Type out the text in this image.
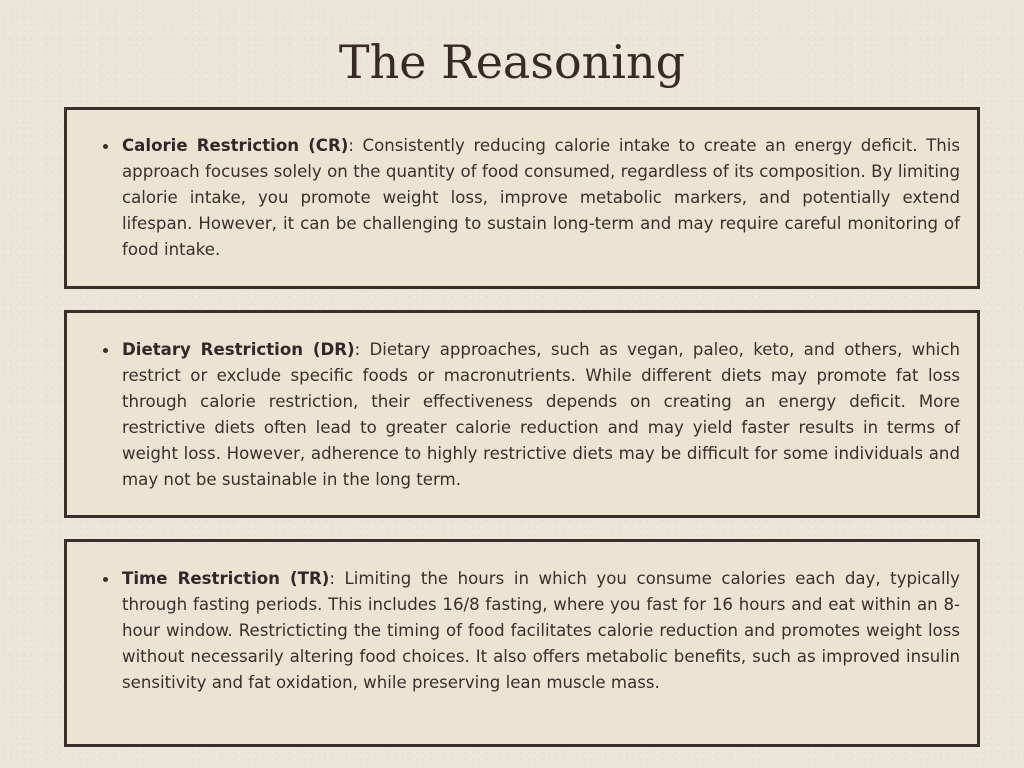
The Reasoning
Calorie Restriction (CR): Consistently reducing calorie intake to create an energy deficit. This approach focuses solely on the quantity of food consumed, regardless of its composition. By limiting calorie intake, you promote weight loss, improve metabolic markers, and potentially extend lifespan. However, it can be challenging to sustain long-term and may require careful monitoring of food intake.
Dietary Restriction (DR): Dietary approaches, such as vegan, paleo, keto, and others, which restrict or exclude specific foods or macronutrients. While different diets may promote fat loss through calorie restriction, their effectiveness depends on creating an energy deficit. More restrictive diets often lead to greater calorie reduction and may yield faster results in terms of weight loss. However, adherence to highly restrictive diets may be difficult for some individuals and may not be sustainable in the long term.
Time Restriction (TR): Limiting the hours in which you consume calories each day, typically through fasting periods. This includes 16/8 fasting, where you fast for 16 hours and eat within an 8-hour window. Restricticting the timing of food facilitates calorie reduction and promotes weight loss without necessarily altering food choices. It also offers metabolic benefits, such as improved insulin sensitivity and fat oxidation, while preserving lean muscle mass.
